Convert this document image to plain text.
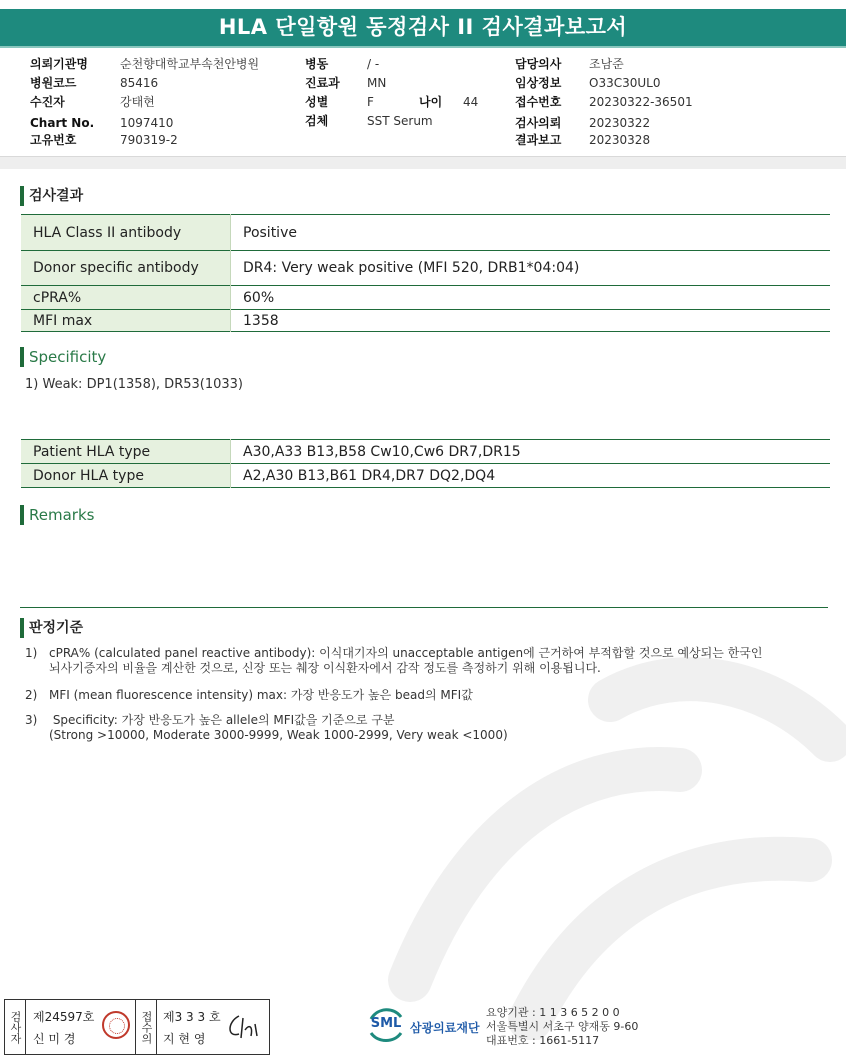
HLA 단일항원 동정검사 II 검사결과보고서
의뢰기관명	순천향대학교부속천안병원
병원코드	85416
수진자	강태현
Chart No. 1097410
고유번호	790319-2
병동	/ -
진료과 MN
성별	F	나이 44
검체	SST Serum
담당의사 조남준
임상정보 O33C30UL0
접수번호 20230322-36501
검사의뢰 20230322
결과보고 20230328
검사결과
HLA Class II antibody	Positive
Donor specific antibody	DR4: Very weak positive (MFI 520, DRB1*04:04)
cPRA%	60%
MFI max	1358
Specificity
1) Weak: DP1(1358), DR53(1033)
Patient HLA type	A30,A33 B13,B58 Cw10,Cw6 DR7,DR15
Donor HLA type	A2,A30 B13,B61 DR4,DR7 DQ2,DQ4
Remarks
판정기준
1) cPRA% (calculated panel reactive antibody): 이식대기자의 unacceptable antigen에 근거하여 부적합할 것으로 예상되는 한국인
뇌사기증자의 비율을 계산한 것으로, 신장 또는 췌장 이식환자에서 감작 정도를 측정하기 위해 이용됩니다.
2) MFI (mean fluorescence intensity) max: 가장 반응도가 높은 bead의 MFI값
3) Specificity: 가장 반응도가 높은 allele의 MFI값을 기준으로 구분
(Strong >10000, Moderate 3000-9999, Weak 1000-2999, Very weak <1000)
검사자 제24597호
신 미 경	접수의 제3 3 3 호
지 현 영
SML 삼광의료재단
요양기관 : 1 1 3 6 5 2 0 0
서울특별시 서초구 양재동 9-60
대표번호 : 1661-5117
